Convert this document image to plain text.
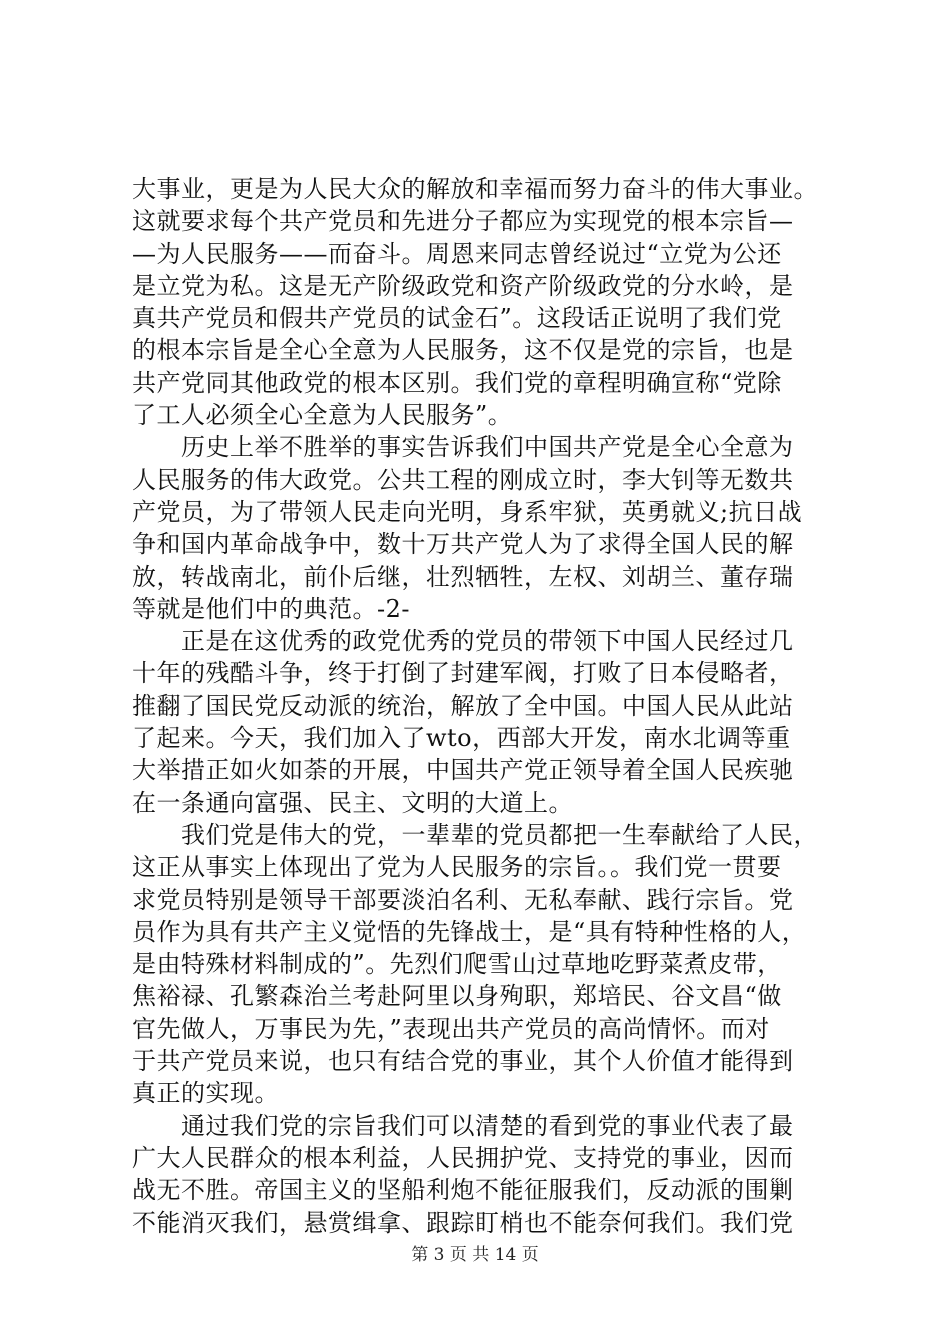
大事业，更是为人民大众的解放和幸福而努力奋斗的伟大事业。
这就要求每个共产党员和先进分子都应为实现党的根本宗旨—
—为人民服务——而奋斗。周恩来同志曾经说过“立党为公还
是立党为私。这是无产阶级政党和资产阶级政党的分水岭，是
真共产党员和假共产党员的试金石”。这段话正说明了我们党
的根本宗旨是全心全意为人民服务，这不仅是党的宗旨，也是
共产党同其他政党的根本区别。我们党的章程明确宣称“党除
了工人必须全心全意为人民服务”。
　　历史上举不胜举的事实告诉我们中国共产党是全心全意为
人民服务的伟大政党。公共工程的刚成立时，李大钊等无数共
产党员，为了带领人民走向光明，身系牢狱，英勇就义;抗日战
争和国内革命战争中，数十万共产党人为了求得全国人民的解
放，转战南北，前仆后继，壮烈牺牲，左权、刘胡兰、董存瑞
等就是他们中的典范。-2-
　　正是在这优秀的政党优秀的党员的带领下中国人民经过几
十年的残酷斗争，终于打倒了封建军阀，打败了日本侵略者，
推翻了国民党反动派的统治，解放了全中国。中国人民从此站
了起来。今天，我们加入了wto，西部大开发，南水北调等重
大举措正如火如荼的开展，中国共产党正领导着全国人民疾驰
在一条通向富强、民主、文明的大道上。
　　我们党是伟大的党，一辈辈的党员都把一生奉献给了人民，
这正从事实上体现出了党为人民服务的宗旨。。我们党一贯要
求党员特别是领导干部要淡泊名利、无私奉献、践行宗旨。党
员作为具有共产主义觉悟的先锋战士，是“具有特种性格的人，
是由特殊材料制成的”。先烈们爬雪山过草地吃野菜煮皮带，
焦裕禄、孔繁森治兰考赴阿里以身殉职，郑培民、谷文昌“做
官先做人，万事民为先，”表现出共产党员的高尚情怀。而对
于共产党员来说，也只有结合党的事业，其个人价值才能得到
真正的实现。
　　通过我们党的宗旨我们可以清楚的看到党的事业代表了最
广大人民群众的根本利益，人民拥护党、支持党的事业，因而
战无不胜。帝国主义的坚船利炮不能征服我们，反动派的围剿
不能消灭我们，悬赏缉拿、跟踪盯梢也不能奈何我们。我们党
第 3 页 共 14 页
